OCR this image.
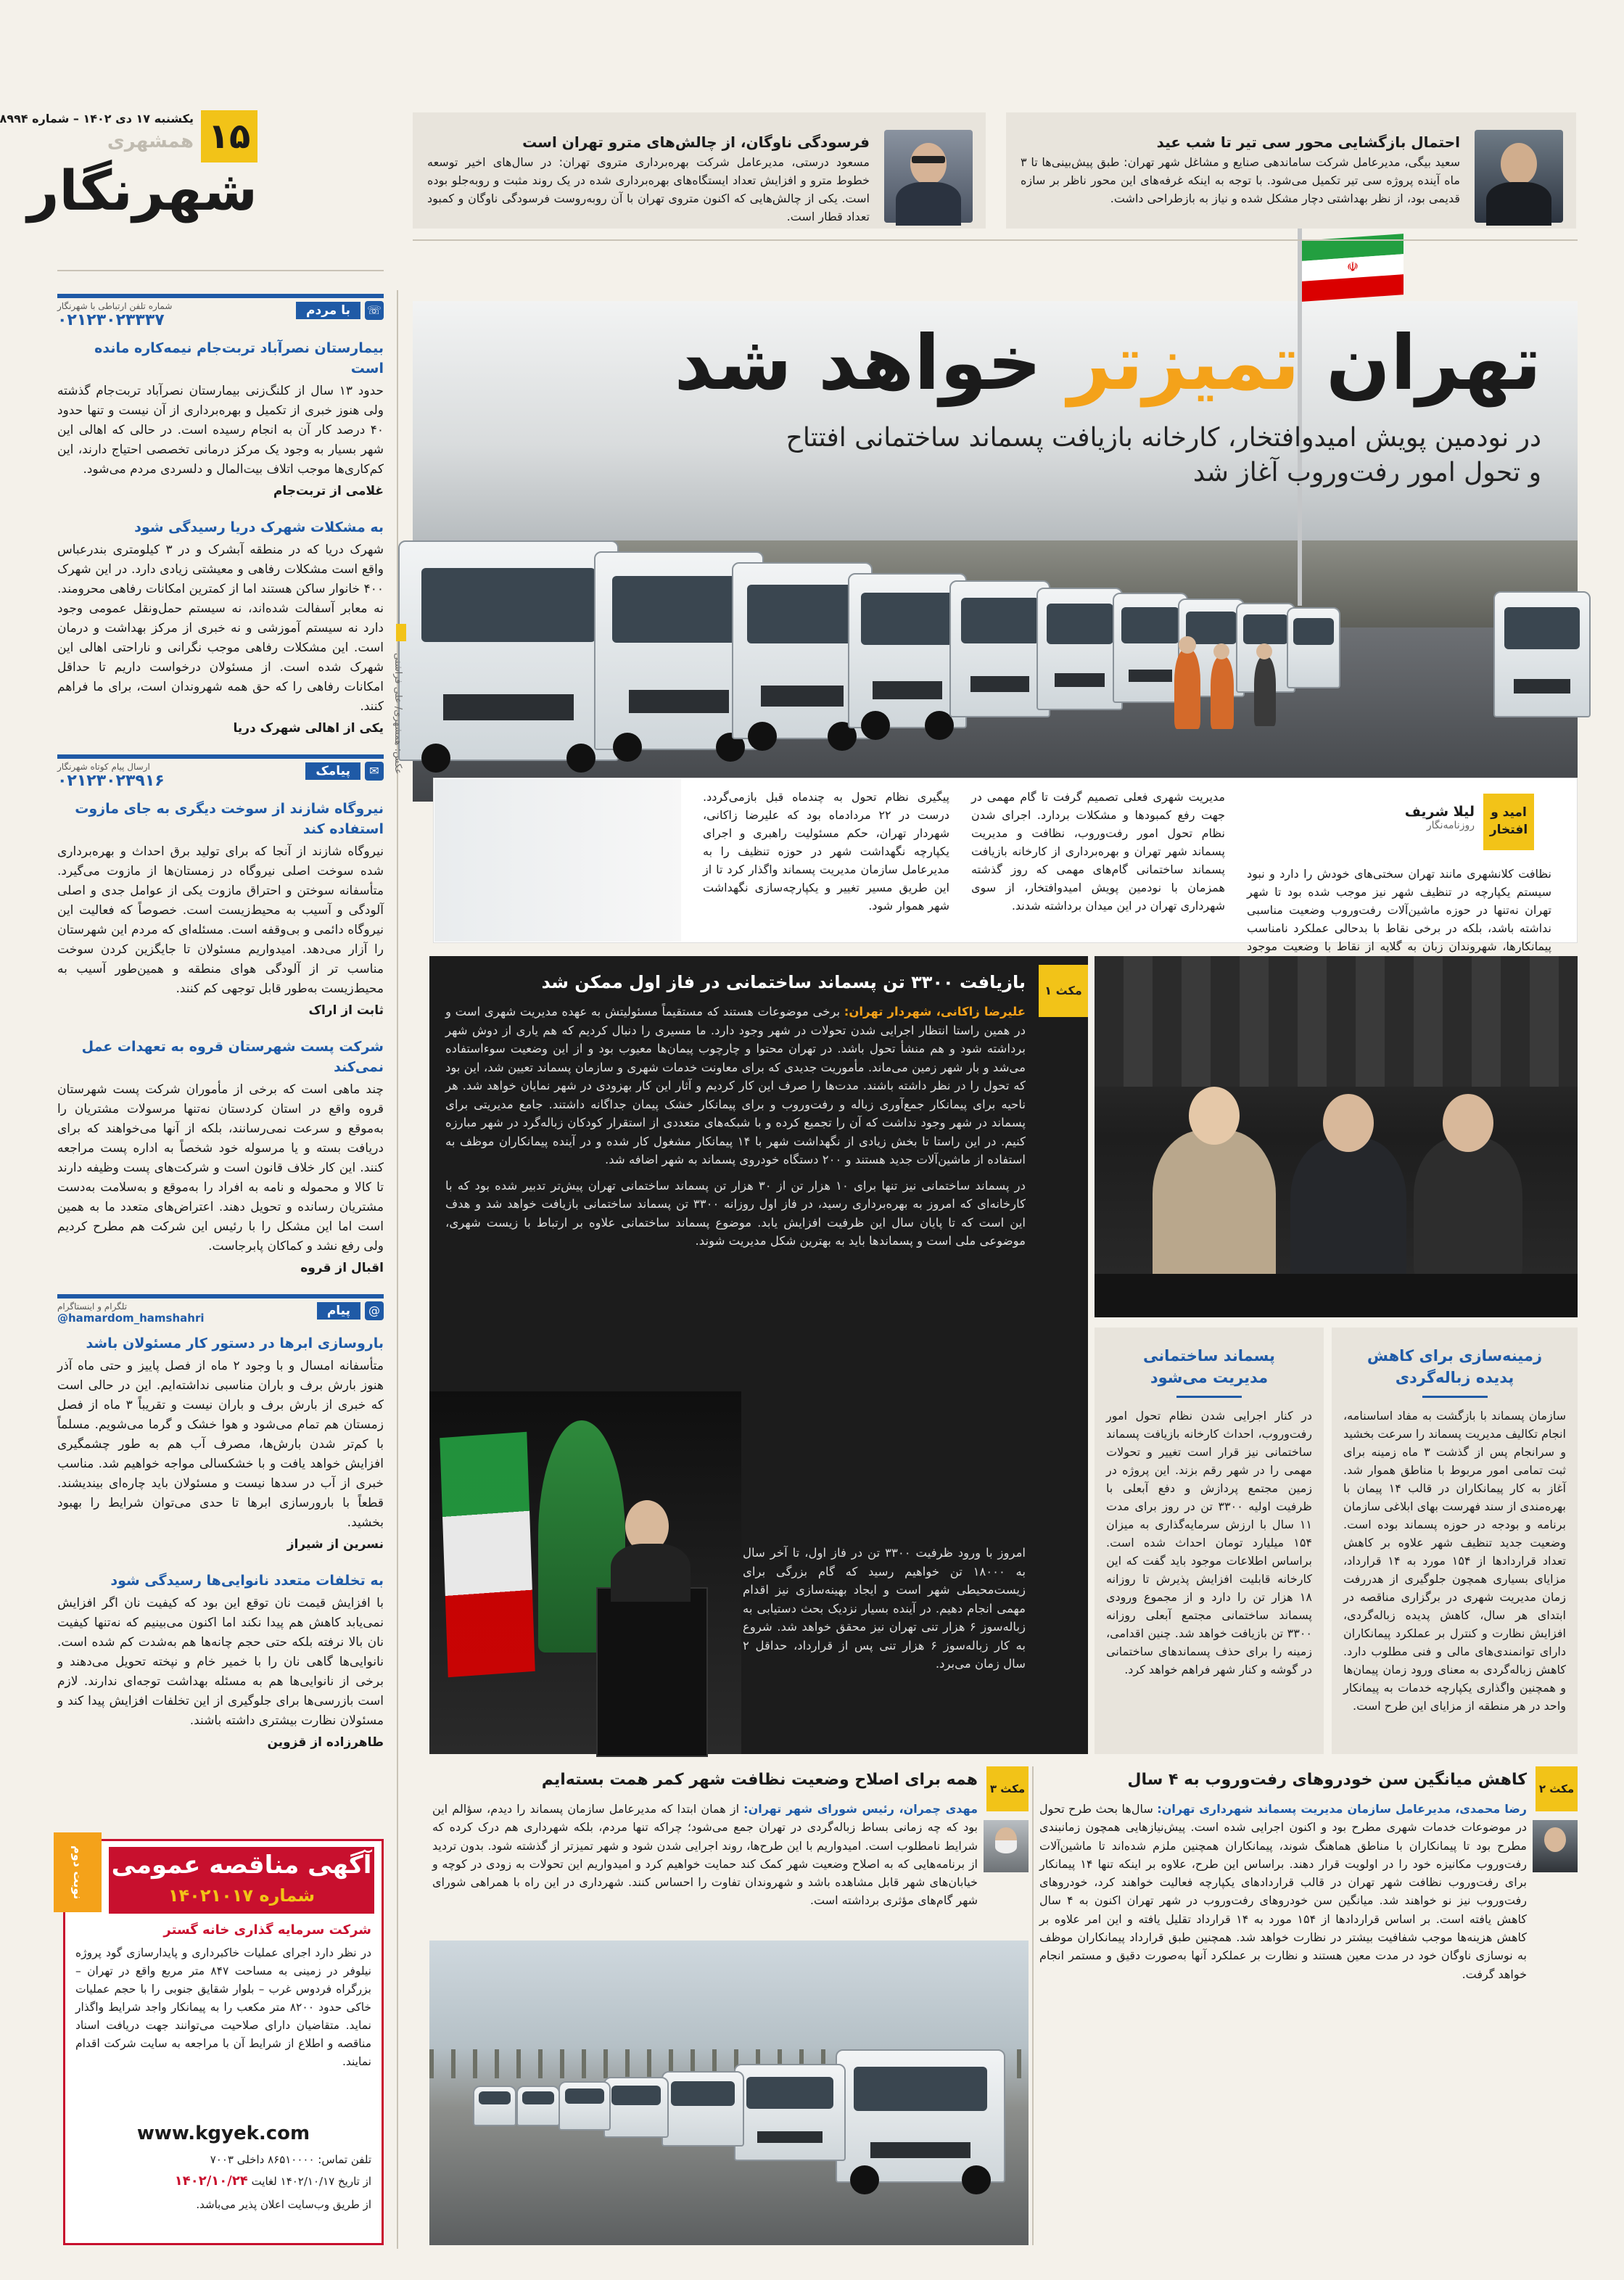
۱۵
یکشنبه ۱۷ دی ۱۴۰۲ – شماره ۸۹۹۴
همشهری
شهرنگار
احتمال بازگشایی محور سی تیر تا شب عید
سعید بیگی، مدیرعامل شرکت ساماندهی صنایع و مشاغل شهر تهران: طبق پیش‌بینی‌ها تا ۳ ماه آینده پروژه سی تیر تکمیل می‌شود. با توجه به اینکه غرفه‌های این محور ناظر بر سازه قدیمی بود، از نظر بهداشتی دچار مشکل شده و نیاز به بازطراحی داشت.
فرسودگی ناوگان، از چالش‌های مترو تهران است
مسعود درستی، مدیرعامل شرکت بهره‌برداری متروی تهران: در سال‌های اخیر توسعه خطوط مترو و افزایش تعداد ایستگاه‌های بهره‌برداری شده در یک روند مثبت و روبه‌جلو بوده است. یکی از چالش‌هایی که اکنون متروی تهران با آن روبه‌روست فرسودگی ناوگان و کمبود تعداد قطار است.
☏
با مردم
شماره تلفن ارتباطی با شهرنگار
۰۲۱۲۳۰۲۳۳۳۷

بیمارستان نصرآباد تربت‌جام نیمه‌کاره مانده است

حدود ۱۳ سال از کلنگ‌زنی بیمارستان نصرآباد تربت‌جام گذشته ولی هنوز خبری از تکمیل و بهره‌برداری از آن نیست و تنها حدود ۴۰ درصد کار آن به انجام رسیده است. در حالی که اهالی این شهر بسیار به وجود یک مرکز درمانی تخصصی احتیاج دارند، این کم‌کاری‌ها موجب اتلاف بیت‌المال و دلسردی مردم می‌شود.

غلامی از تربت‌جام

به مشکلات شهرک دریا رسیدگی شود

شهرک دریا که در منطقه آبشرک و در ۳ کیلومتری بندرعباس واقع است مشکلات رفاهی و معیشتی زیادی دارد. در این شهرک ۴۰۰ خانوار ساکن هستند اما از کمترین امکانات رفاهی محرومند. نه معابر آسفالت شده‌اند، نه سیستم حمل‌ونقل عمومی وجود دارد نه سیستم آموزشی و نه خبری از مرکز بهداشت و درمان است. این مشکلات رفاهی موجب نگرانی و ناراحتی اهالی این شهرک شده است. از مسئولان درخواست داریم تا حداقل امکانات رفاهی را که حق همه شهروندان است، برای ما فراهم کنند.

یکی از اهالی شهرک دریا

✉
پیامک
ارسال پیام کوتاه شهرنگار
۰۲۱۲۳۰۲۳۹۱۶

نیروگاه شازند از سوخت دیگری به جای مازوت استفاده کند

نیروگاه شازند از آنجا که برای تولید برق احداث و بهره‌برداری شده سوخت اصلی نیروگاه در زمستان‌ها از مازوت می‌گیرد. متأسفانه سوختن و احتراق مازوت یکی از عوامل جدی و اصلی آلودگی و آسیب به محیط‌زیست است. خصوصاً که فعالیت این نیروگاه دائمی و بی‌وقفه است. مسئله‌ای که مردم این شهرستان را آزار می‌دهد. امیدواریم مسئولان تا جایگزین کردن سوخت مناسب تر از آلودگی هوای منطقه و همین‌طور آسیب به محیط‌زیست به‌طور قابل توجهی کم کنند.

ثابت از اراک

شرکت پست شهرستان قروه به تعهدات عمل نمی‌کند

چند ماهی است که برخی از مأموران شرکت پست شهرستان قروه واقع در استان کردستان نه‌تنها مرسولات مشتریان را به‌موقع و سرعت نمی‌رسانند، بلکه از آنها می‌خواهند که برای دریافت بسته و یا مرسوله خود شخصاً به اداره پست مراجعه کنند. این کار خلاف قانون است و شرکت‌های پست وظیفه دارند تا کالا و محموله و نامه به افراد را به‌موقع و به‌سلامت به‌دست مشتریان رسانده و تحویل دهند. اعتراض‌های متعدد ما به همین است اما این مشکل را با رئیس این شرکت هم مطرح کردیم ولی رفع نشد و کماکان پابرجاست.

اقبال از قروه

@
پیام
تلگرام و اینستاگرام
@hamardom_hamshahri

باروسازی ابرها در دستور کار مسئولان باشد

متأسفانه امسال و با وجود ۲ ماه از فصل پاییز و حتی ماه آذر هنوز بارش برف و باران مناسبی نداشته‌ایم. این در حالی است که خبری از بارش برف و باران نیست و تقریباً ۳ ماه از فصل زمستان هم تمام می‌شود و هوا خشک و گرما می‌شویم. مسلماً با کم‌تر شدن بارش‌ها، مصرف آب هم به طور چشمگیری افزایش خواهد یافت و با خشکسالی مواجه خواهیم شد. مناسب خبری از آب در سدها نیست و مسئولان باید چاره‌ای بیندیشند. قطعاً با بارورسازی ابرها تا حدی می‌توان شرایط را بهبود بخشید.

نسرین از شیراز

به تخلفات متعدد نانوایی‌ها رسیدگی شود

با افزایش قیمت نان توقع این بود که کیفیت نان اگر افزایش نمی‌یابد کاهش هم پیدا نکند اما اکنون می‌بینیم که نه‌تنها کیفیت نان بالا نرفته بلکه حتی حجم چانه‌ها هم به‌شدت کم شده است. نانوایی‌ها گاهی نان را با خمیر خام و نپخته تحویل می‌دهند و برخی از نانوایی‌ها هم به مسئله بهداشت توجه‌ای ندارند. لازم است بازرسی‌ها برای جلوگیری از این تخلفات افزایش پیدا کند و مسئولان نظارت بیشتری داشته باشند.

طاهرزاده از قزوین

☫
تهران تمیزتر خواهد شد
در نودمین پویش امیدوافتخار، کارخانه بازیافت پسماند ساختمانی افتتاح
و تحول امور رفت‌وروب آغاز شد
عکس: همشهری/ علی فراشنی
امید و
افتخار
لیلا شریف
روزنامه‌نگار

نظافت کلانشهری مانند تهران سختی‌های خودش را دارد و نبود سیستم یکپارچه در تنظیف شهر نیز موجب شده بود تا شهر تهران نه‌تنها در حوزه ماشین‌آلات رفت‌وروب وضعیت مناسبی نداشته باشد، بلکه در برخی نقاط با بدحالی عملکرد نامناسب پیمانکارها، شهروندان زبان به گلایه از نقاط با وضعیت موجود

مدیریت شهری فعلی تصمیم گرفت تا گام مهمی در جهت رفع کمبودها و مشکلات بردارد. اجرای شدن نظام تحول امور رفت‌وروب، نظافت و مدیریت پسماند شهر تهران و بهره‌برداری از کارخانه بازیافت پسماند ساختمانی گام‌های مهمی که روز گذشته همزمان با نودمین پویش امیدوافتخار، از سوی شهرداری تهران در این میدان برداشته شدند.

پیگیری نظام تحول به چندماه قبل بازمی‌گردد. درست در ۲۲ مردادماه بود که علیرضا زاکانی، شهردار تهران، حکم مسئولیت راهبری و اجرای یکپارچه نگهداشت شهر در حوزه تنظیف را به مدیرعامل سازمان مدیریت پسماند واگذار کرد تا از این طریق مسیر تغییر و یکپارچه‌سازی نگهداشت شهر هموار شود.

مکث ۱
بازیافت ۳۳۰۰ تن پسماند ساختمانی در فاز اول ممکن شد

علیرضا زاکانی، شهردار تهران: برخی موضوعات هستند که مستقیماً مسئولیتش به عهده مدیریت شهری است و در همین راستا انتظار اجرایی شدن تحولات در شهر وجود دارد. ما مسیری را دنبال کردیم که هم یاری از دوش شهر برداشته شود و هم منشأ تحول باشد. در تهران محتوا و چارچوب پیمان‌ها معیوب بود و از این وضعیت سوءاستفاده می‌شد و بار شهر زمین می‌ماند. مأموریت جدیدی که برای معاونت خدمات شهری و سازمان پسماند تعیین شد، این بود که تحول را در نظر داشته باشند. مدت‌ها را صرف این کار کردیم و آثار این کار بهزودی در شهر نمایان خواهد شد. هر ناحیه برای پیمانکار جمع‌آوری زباله و رفت‌وروب و برای پیمانکار خشک پیمان جداگانه داشتند. جامع مدیریتی برای پسماند در شهر وجود نداشت که آن را تجمیع کرده و با شبکه‌های متعددی از استقرار کودکان زباله‌گرد در شهر مبارزه کنیم. در این راستا تا بخش زیادی از نگهداشت شهر با ۱۴ پیمانکار مشغول کار شده و در آینده پیمانکاران موظف به استفاده از ماشین‌آلات جدید هستند و ۲۰۰ دستگاه خودروی پسماند به شهر اضافه شد.

در پسماند ساختمانی نیز تنها برای ۱۰ هزار تن از ۳۰ هزار تن پسماند ساختمانی تهران پیش‌تر تدبیر شده بود که با کارخانه‌ای که امروز به بهره‌برداری رسید، در فاز اول روزانه ۳۳۰۰ تن پسماند ساختمانی بازیافت خواهد شد و هدف این است که تا پایان سال این ظرفیت افزایش یابد. موضوع پسماند ساختمانی علاوه بر ارتباط با زیست شهری، موضوعی ملی است و پسماند‌ها باید به بهترین شکل مدیریت شوند.

امروز با ورود ظرفیت ۳۳۰۰ تن در فاز اول، تا آخر سال به ۱۸۰۰۰ تن خواهیم رسید که گام بزرگی برای زیست‌محیطی شهر است و ایجاد بهینه‌سازی نیز اقدام مهمی انجام دهیم. در آینده بسیار نزدیک بحث دستیابی به زباله‌سوز ۶ هزار تنی تهران نیز محقق خواهد شد. شروع به کار زباله‌سوز ۶ هزار تنی پس از قرارداد، حداقل ۲ سال زمان می‌برد.

زمینه‌سازی برای کاهش
پدیده زباله‌گردی

سازمان پسماند با بازگشت به مفاد اساسنامه، انجام تکالیف مدیریت پسماند را سرعت بخشید و سرانجام پس از گذشت ۳ ماه زمینه برای ثبت تمامی امور مربوط با مناطق هموار شد. آغاز به کار پیمانکاران در قالب ۱۴ پیمان با بهره‌مندی از سند فهرست بهای ابلاغی سازمان برنامه و بودجه در حوزه پسماند بوده است. وضعیت جدید تنظیف شهر علاوه بر کاهش تعداد قراردادها از ۱۵۴ مورد به ۱۴ قرارداد، مزایای بسیاری همچون جلوگیری از هدررفت زمان مدیریت شهری در برگزاری مناقصه در ابتدای هر سال، کاهش پدیده زباله‌گردی، افزایش نظارت و کنترل بر عملکرد پیمانکاران دارای توانمندی‌های مالی و فنی مطلوب دارد. کاهش زباله‌گردی به معنای ورود زمان پیمان‌ها و همچنین واگذاری یکپارچه خدمات به پیمانکار واحد در هر منطقه از مزایای این طرح است.

پسماند ساختمانی
مدیریت می‌شود

در کنار اجرایی شدن نظام تحول امور رفت‌وروب، احداث کارخانه بازیافت پسماند ساختمانی نیز قرار است تغییر و تحولات مهمی را در شهر رقم بزند. این پروژه در زمین مجتمع پردازش و دفع آبعلی با ظرفیت اولیه ۳۳۰۰ تن در روز برای مدت ۱۱ سال با ارزش سرمایه‌گذاری به میزان ۱۵۴ میلیارد تومان احداث شده است. براساس اطلاعات موجود باید گفت که این کارخانه قابلیت افزایش پذیرش تا روزانه ۱۸ هزار تن را دارد و از مجموع ورودی پسماند ساختمانی مجتمع آبعلی روزانه ۳۳۰۰ تن بازیافت خواهد شد. چنین اقدامی، زمینه را برای حذف پسماندهای ساختمانی در گوشه و کنار شهر فراهم خواهد کرد.

مکث ۲
کاهش میانگین سن خودروهای رفت‌وروب به ۴ سال

رضا محمدی، مدیرعامل سازمان مدیریت پسماند شهرداری تهران: سال‌ها بحث طرح تحول در موضوعات خدمات شهری مطرح بود و اکنون اجرایی شده است. پیش‌نیازهایی همچون زمانبندی مطرح بود تا پیمانکاران با مناطق هماهنگ شوند، پیمانکاران همچنین ملزم شده‌اند تا ماشین‌آلات رفت‌وروب مکانیزه خود را در اولویت قرار دهند. براساس این طرح، علاوه بر اینکه تنها ۱۴ پیمانکار برای رفت‌وروب نظافت شهر تهران در قالب قراردادهای یکپارچه فعالیت خواهند کرد، خودروهای رفت‌وروب نیز نو خواهند شد. میانگین سن خودروهای رفت‌وروب در شهر تهران اکنون به ۴ سال کاهش یافته است. بر اساس قراردادها از ۱۵۴ مورد به ۱۴ قرارداد تقلیل یافته و این امر علاوه بر کاهش هزینه‌ها موجب شفافیت بیشتر در نظارت خواهد شد. همچنین طبق قرارداد پیمانکاران موظف به نوسازی ناوگان خود در مدت معین هستند و نظارت بر عملکرد آنها به‌صورت دقیق و مستمر انجام خواهد گرفت.

مکث ۳
همه برای اصلاح وضعیت نظافت شهر کمر همت بسته‌ایم

مهدی چمران، رئیس شورای شهر تهران: از همان ابتدا که مدیرعامل سازمان پسماند را دیدم، سؤالم این بود که چه زمانی بساط زباله‌گردی در تهران جمع می‌شود؛ چراکه تنها مردم، بلکه شهرداری هم درک کرده که شرایط نامطلوب است. امیدواریم با این طرح‌ها، روند اجرایی شدن شود و شهر تمیزتر از گذشته شود. بدون تردید از برنامه‌هایی که به اصلاح وضعیت شهر کمک کند حمایت خواهیم کرد و امیدواریم این تحولات به زودی در کوچه و خیابان‌های شهر قابل مشاهده باشد و شهروندان تفاوت را احساس کنند. شهرداری در این راه با همراهی شورای شهر گام‌های مؤثری برداشته است.

نوبت دوم	آگهی مناقصه عمومی
شماره ۱۴۰۲۱۰۱۷
شرکت سرمایه گذاری خانه گستر
در نظر دارد اجرای عملیات خاکبرداری و پایدارسازی گود پروژه نیلوفر در زمینی به مساحت ۸۴۷ متر مربع واقع در تهران – بزرگراه فردوس غرب – بلوار شقایق جنوبی را با حجم عملیات خاکی حدود ۸۲۰۰ متر مکعب را به پیمانکار واجد شرایط واگذار نماید. متقاضیان دارای صلاحیت می‌توانند جهت دریافت اسناد مناقصه و اطلاع از شرایط آن با مراجعه به سایت شرکت اقدام نمایند.
www.kgyek.com
تلفن تماس: ۸۶۵۱۰۰۰۰ داخلی ۷۰۰۳
از تاریخ ۱۴۰۲/۱۰/۱۷ لغایت ۱۴۰۲/۱۰/۲۴
از طریق وب‌سایت اعلان پذیر می‌باشد.
